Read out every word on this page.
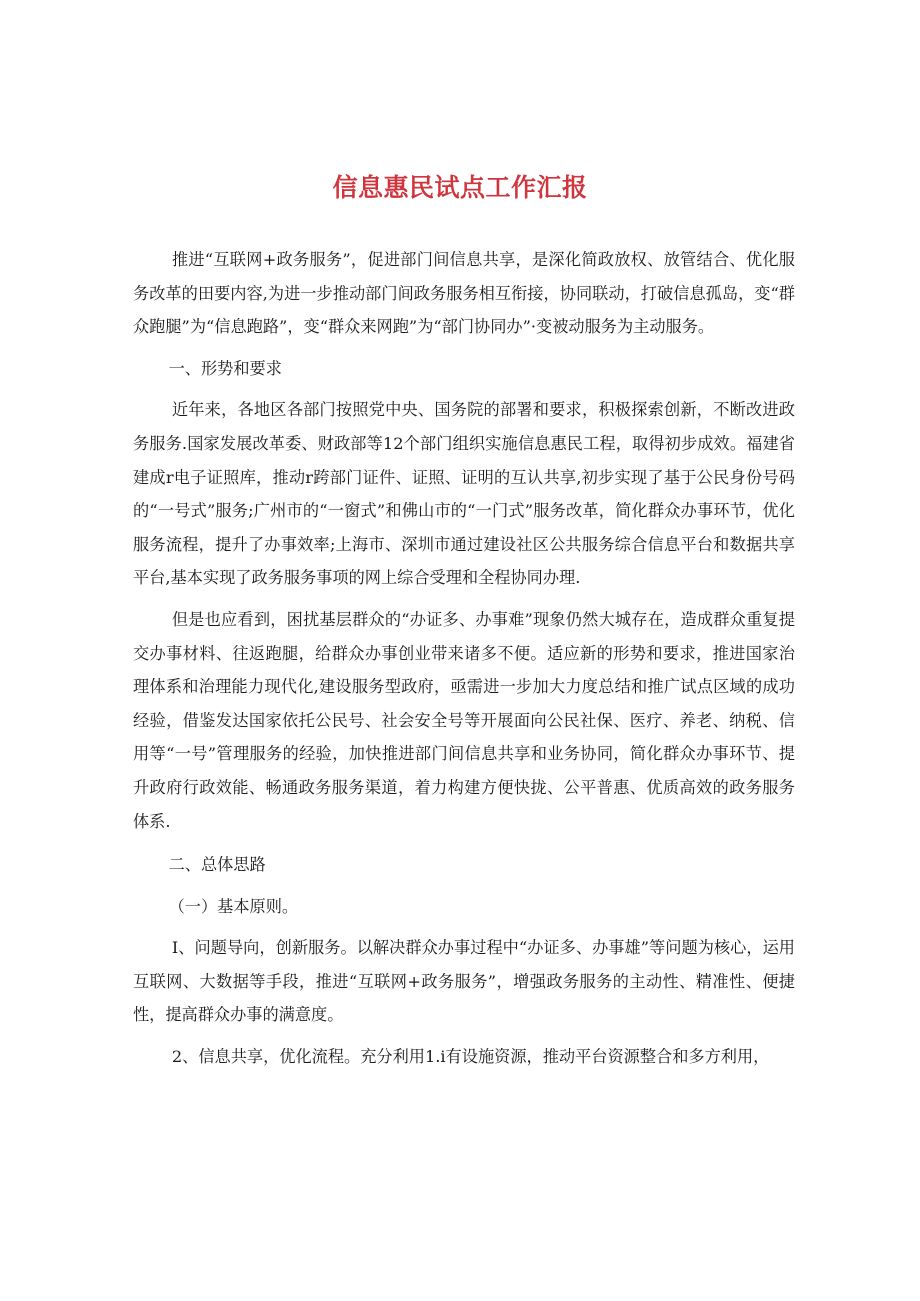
信息惠民试点工作汇报

推进“互联网+政务服务”，促进部门间信息共享，是深化简政放权、放管结合、优化服务改革的田要内容,为进一步推动部门间政务服务相互衔接，协同联动，打破信息孤岛，变“群众跑腿”为“信息跑路”，变“群众来网跑”为“部门协同办”·变被动服务为主动服务。

一、形势和要求

近年来，各地区各部门按照党中央、国务院的部署和要求，积极探索创新，不断改进政务服务.国家发展改革委、财政部等12个部门组织实施信息惠民工程，取得初步成效。福建省建成r电子证照库，推动r跨部门证件、证照、证明的互认共享,初步实现了基于公民身份号码的“一号式”服务;广州市的“一窗式”和佛山市的“一门式”服务改革，简化群众办事环节，优化服务流程，提升了办事效率;上海市、深圳市通过建设社区公共服务综合信息平台和数据共享平台,基本实现了政务服务事项的网上综合受理和全程协同办理.

但是也应看到，困扰基层群众的“办证多、办事难”现象仍然大城存在，造成群众重复提交办事材料、往返跑腿，给群众办事创业带来诸多不便。适应新的形势和要求，推进国家治理体系和治理能力现代化,建设服务型政府，亟需进一步加大力度总结和推广试点区域的成功经验，借鉴发达国家依托公民号、社会安全号等开展面向公民社保、医疗、养老、纳税、信用等“一号”管理服务的经验，加快推进部门间信息共享和业务协同，简化群众办事环节、提升政府行政效能、畅通政务服务渠道，着力构建方便快拢、公平普惠、优质高效的政务服务体系.

二、总体思路

（一）基本原则。

I、问题导向，创新服务。以解决群众办事过程中“办证多、办事雄”等问题为核心，运用互联网、大数据等手段，推进“互联网+政务服务”，增强政务服务的主动性、精准性、便捷性，提高群众办事的满意度。

2、信息共享，优化流程。充分利用1.i有设施资源，推动平台资源整合和多方利用，
